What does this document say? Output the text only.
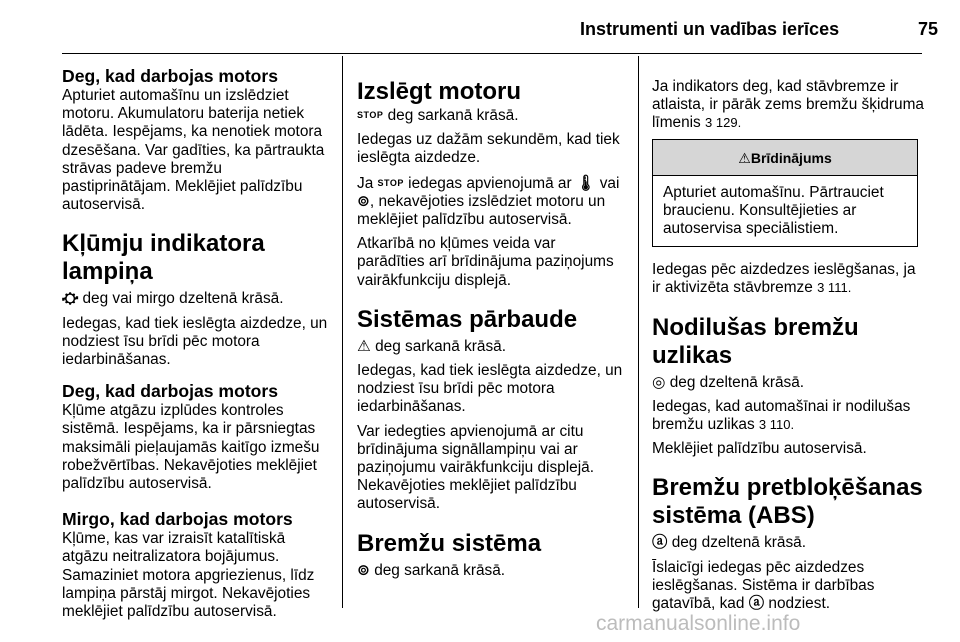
Instrumenti un vadības ierīces	75
Deg, kad darbojas motors

Apturiet automašīnu un izslēdziet motoru. Akumulatoru baterija netiek lādēta. Iespējams, ka nenotiek motora dzesēšana. Var gadīties, ka pārtraukta strāvas padeve bremžu pastiprinātājam. Meklējiet palīdzību autoservisā.

Kļūmju indikatora lampiņa

⛮ deg vai mirgo dzeltenā krāsā.

Iedegas, kad tiek ieslēgta aizdedze, un nodziest īsu brīdi pēc motora iedarbināšanas.

Deg, kad darbojas motors

Kļūme atgāzu izplūdes kontroles sistēmā. Iespējams, ka ir pārsniegtas maksimāli pieļaujamās kaitīgo izmešu robežvērtības. Nekavējoties meklējiet palīdzību autoservisā.

Mirgo, kad darbojas motors

Kļūme, kas var izraisīt katalītiskā atgāzu neitralizatora bojājumus. Samaziniet motora apgriezienus, līdz lampiņa pārstāj mirgot. Nekavējoties meklējiet palīdzību autoservisā.

Izslēgt motoru

STOP deg sarkanā krāsā.

Iedegas uz dažām sekundēm, kad tiek ieslēgta aizdedze.

Ja STOP iedegas apvienojumā ar 🌡 vai ⊚, nekavējoties izslēdziet motoru un meklējiet palīdzību autoservisā.

Atkarībā no kļūmes veida var parādīties arī brīdinājuma paziņojums vairākfunkciju displejā.

Sistēmas pārbaude

⚠ deg sarkanā krāsā.

Iedegas, kad tiek ieslēgta aizdedze, un nodziest īsu brīdi pēc motora iedarbināšanas.

Var iedegties apvienojumā ar citu brīdinājuma signāllampiņu vai ar paziņojumu vairākfunkciju displejā. Nekavējoties meklējiet palīdzību autoservisā.

Bremžu sistēma

⊚ deg sarkanā krāsā.

Ja indikators deg, kad stāvbremze ir atlaista, ir pārāk zems bremžu šķidruma līmenis 3 129.

⚠Brīdinājums
Apturiet automašīnu. Pārtrauciet braucienu. Konsultējieties ar autoservisa speciālistiem.

Iedegas pēc aizdedzes ieslēgšanas, ja ir aktivizēta stāvbremze 3 111.

Nodilušas bremžu uzlikas

◎ deg dzeltenā krāsā.

Iedegas, kad automašīnai ir nodilušas bremžu uzlikas 3 110.

Meklējiet palīdzību autoservisā.

Bremžu pretbloķēšanas sistēma (ABS)

ⓐ deg dzeltenā krāsā.

Īslaicīgi iedegas pēc aizdedzes ieslēgšanas. Sistēma ir darbības gatavībā, kad ⓐ nodziest.

carmanualsonline.info
